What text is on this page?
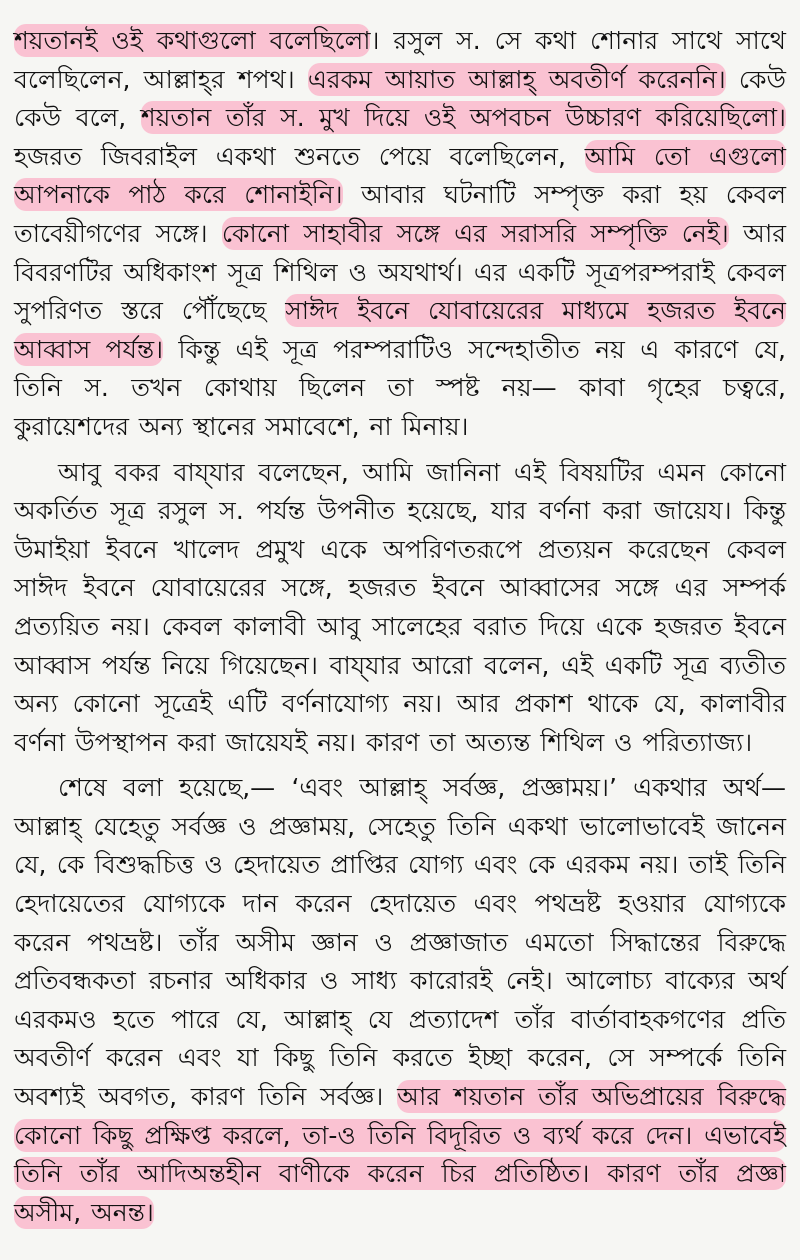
শয়তানই ওই কথাগুলো বলেছিলো। রসুল স. সে কথা শোনার সাথে সাথে বলেছিলেন, আল্লাহ্‌র শপথ। এরকম আয়াত আল্লাহ্‌ অবতীর্ণ করেননি। কেউ কেউ বলে, শয়তান তাঁর স. মুখ দিয়ে ওই অপবচন উচ্চারণ করিয়েছিলো। হজরত জিবরাইল একথা শুনতে পেয়ে বলেছিলেন, আমি তো এগুলো আপনাকে পাঠ করে শোনাইনি। আবার ঘটনাটি সম্পৃক্ত করা হয় কেবল তাবেয়ীগণের সঙ্গে। কোনো সাহাবীর সঙ্গে এর সরাসরি সম্পৃক্তি নেই। আর বিবরণটির অধিকাংশ সূত্র শিথিল ও অযথার্থ। এর একটি সূত্রপরম্পরাই কেবল সুপরিণত স্তরে পৌঁছেছে সাঈদ ইবনে যোবায়েরের মাধ্যমে হজরত ইবনে আব্বাস পর্যন্ত। কিন্তু এই সূত্র পরম্পরাটিও সন্দেহাতীত নয় এ কারণে যে, তিনি স. তখন কোথায় ছিলেন তা স্পষ্ট নয়— কাবা গৃহের চত্বরে, কুরায়েশদের অন্য স্থানের সমাবেশে, না মিনায়।

আবু বকর বায্‌যার বলেছেন, আমি জানিনা এই বিষয়টির এমন কোনো অকর্তিত সূত্র রসুল স. পর্যন্ত উপনীত হয়েছে, যার বর্ণনা করা জায়েয। কিন্তু উমাইয়া ইবনে খালেদ প্রমুখ একে অপরিণতরূপে প্রত্যয়ন করেছেন কেবল সাঈদ ইবনে যোবায়েরের সঙ্গে, হজরত ইবনে আব্বাসের সঙ্গে এর সম্পর্ক প্রত্যয়িত নয়। কেবল কালাবী আবু সালেহের বরাত দিয়ে একে হজরত ইবনে আব্বাস পর্যন্ত নিয়ে গিয়েছেন। বায্‌যার আরো বলেন, এই একটি সূত্র ব্যতীত অন্য কোনো সূত্রেই এটি বর্ণনাযোগ্য নয়। আর প্রকাশ থাকে যে, কালাবীর বর্ণনা উপস্থাপন করা জায়েযই নয়। কারণ তা অত্যন্ত শিথিল ও পরিত্যাজ্য।

শেষে বলা হয়েছে,— ‘এবং আল্লাহ্‌ সর্বজ্ঞ, প্রজ্ঞাময়।’ একথার অর্থ— আল্লাহ্‌ যেহেতু সর্বজ্ঞ ও প্রজ্ঞাময়, সেহেতু তিনি একথা ভালোভাবেই জানেন যে, কে বিশুদ্ধচিত্ত ও হেদায়েত প্রাপ্তির যোগ্য এবং কে এরকম নয়। তাই তিনি হেদায়েতের যোগ্যকে দান করেন হেদায়েত এবং পথভ্রষ্ট হওয়ার যোগ্যকে করেন পথভ্রষ্ট। তাঁর অসীম জ্ঞান ও প্রজ্ঞাজাত এমতো সিদ্ধান্তের বিরুদ্ধে প্রতিবন্ধকতা রচনার অধিকার ও সাধ্য কারোরই নেই। আলোচ্য বাক্যের অর্থ এরকমও হতে পারে যে, আল্লাহ্‌ যে প্রত্যাদেশ তাঁর বার্তাবাহকগণের প্রতি অবতীর্ণ করেন এবং যা কিছু তিনি করতে ইচ্ছা করেন, সে সম্পর্কে তিনি অবশ্যই অবগত, কারণ তিনি সর্বজ্ঞ। আর শয়তান তাঁর অভিপ্রায়ের বিরুদ্ধে কোনো কিছু প্রক্ষিপ্ত করলে, তা-ও তিনি বিদূরিত ও ব্যর্থ করে দেন। এভাবেই তিনি তাঁর আদিঅন্তহীন বাণীকে করেন চির প্রতিষ্ঠিত। কারণ তাঁর প্রজ্ঞা অসীম, অনন্ত।
